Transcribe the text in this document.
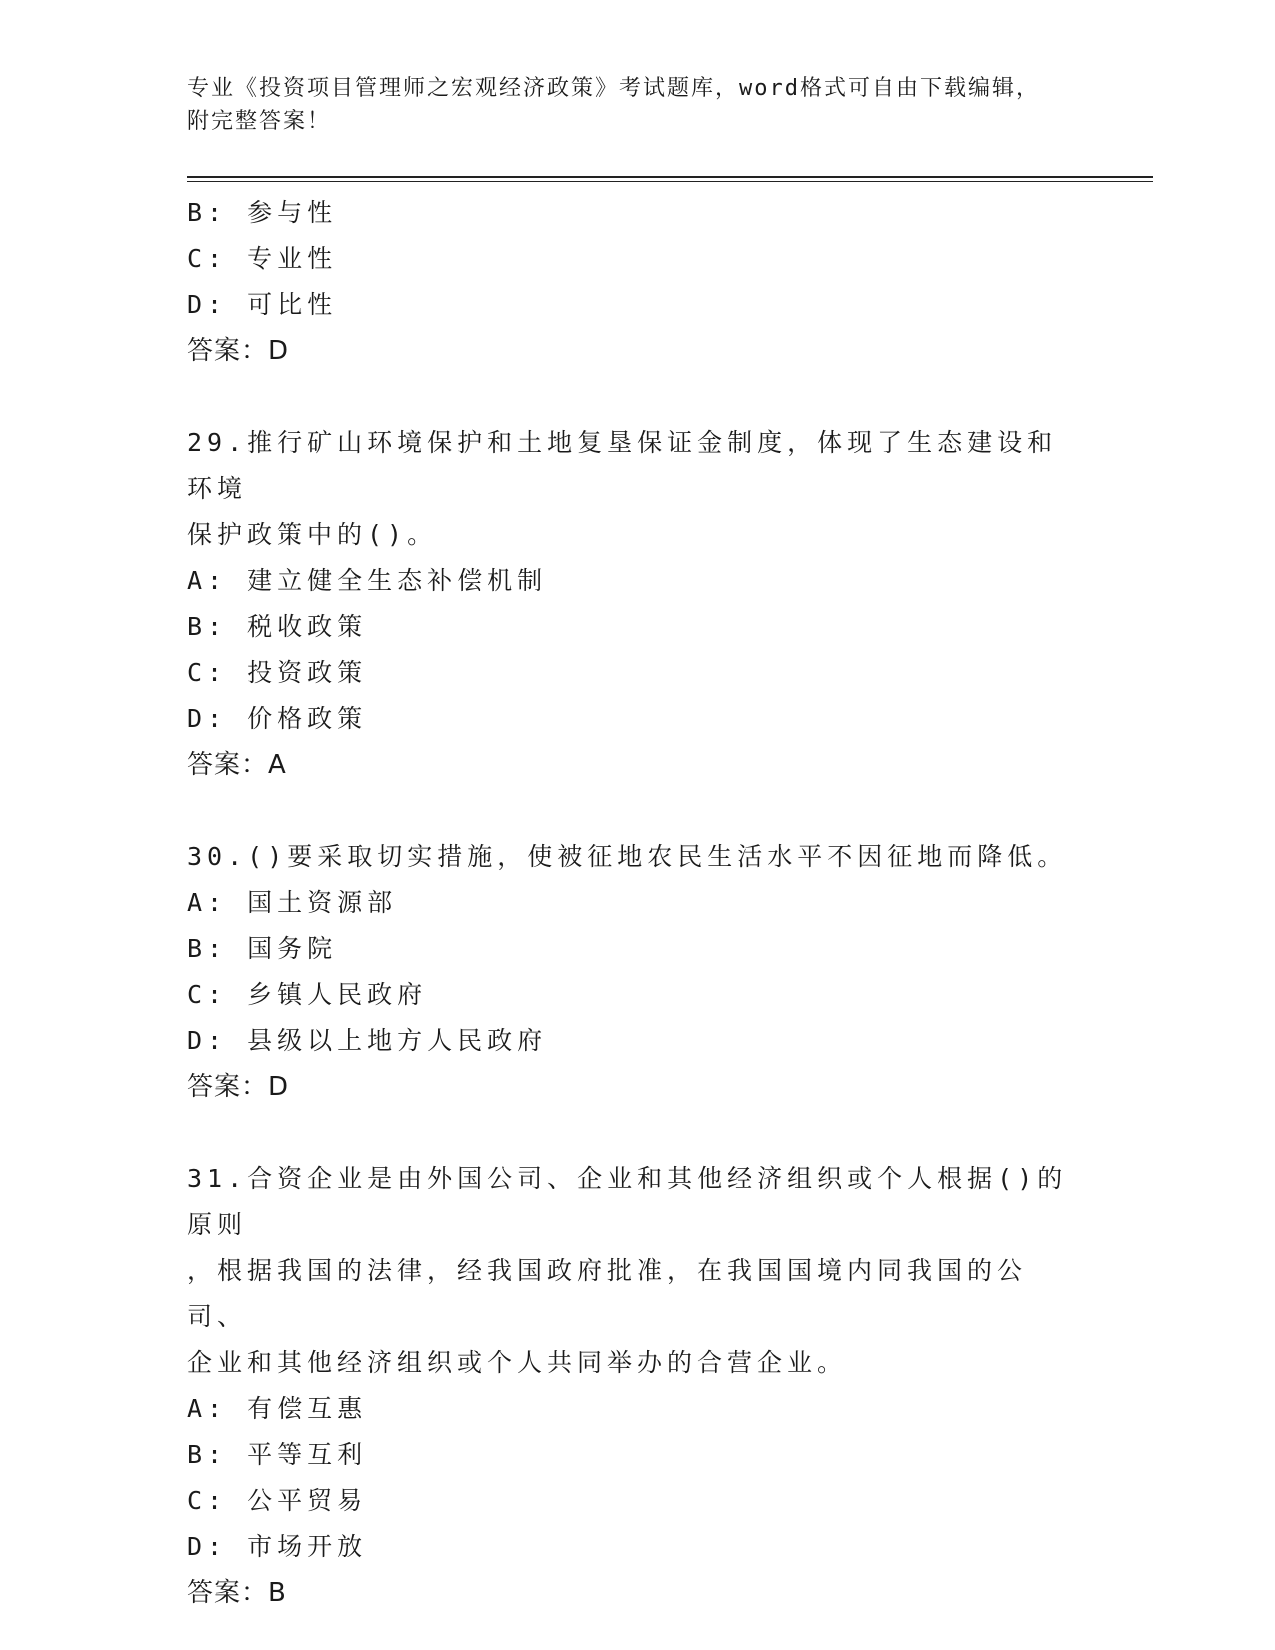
专业《投资项目管理师之宏观经济政策》考试题库，word格式可自由下载编辑，
附完整答案！
B: 参与性
C: 专业性
D: 可比性
答案：D
29.推行矿山环境保护和土地复垦保证金制度，体现了生态建设和环境
保护政策中的()。
A: 建立健全生态补偿机制
B: 税收政策
C: 投资政策
D: 价格政策
答案：A
30.()要采取切实措施，使被征地农民生活水平不因征地而降低。
A: 国土资源部
B: 国务院
C: 乡镇人民政府
D: 县级以上地方人民政府
答案：D
31.合资企业是由外国公司、企业和其他经济组织或个人根据()的原则
，根据我国的法律，经我国政府批准，在我国国境内同我国的公司、
企业和其他经济组织或个人共同举办的合营企业。
A: 有偿互惠
B: 平等互利
C: 公平贸易
D: 市场开放
答案：B
